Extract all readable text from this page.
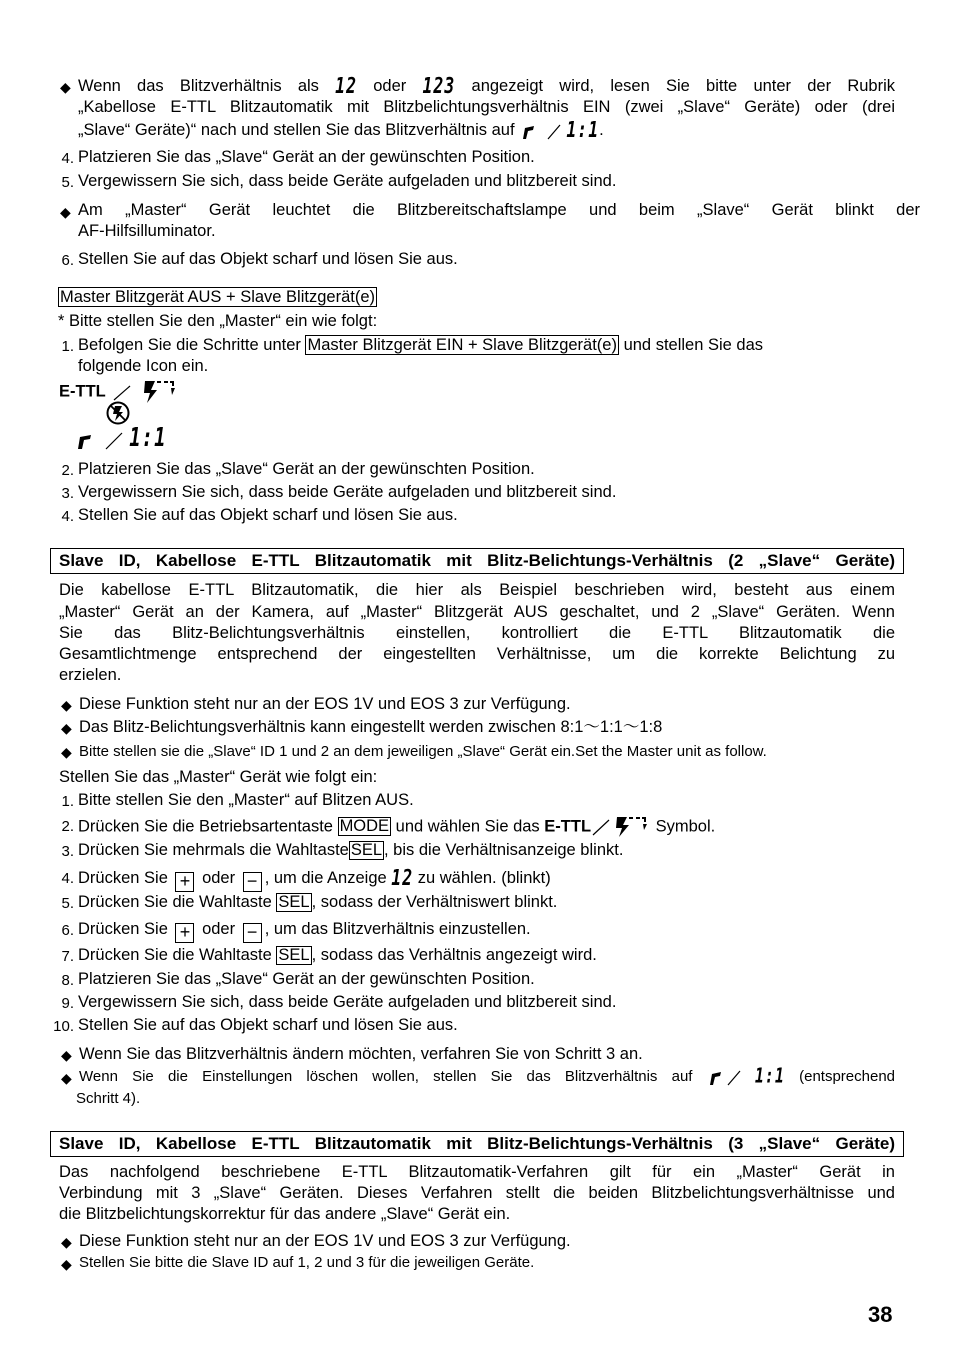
◆ Wenn das Blitzverhältnis als 12 oder 123 angezeigt wird, lesen Sie bitte unter der Rubrik
„Kabellose E-TTL Blitzautomatik mit Blitzbelichtungsverhältnis EIN (zwei „Slave“ Geräte) oder (drei
„Slave“ Geräte)“ nach und stellen Sie das Blitzverhältnis auf	1:1.
4. Platzieren Sie das „Slave“ Gerät an der gewünschten Position.
5. Vergewissern Sie sich, dass beide Geräte aufgeladen und blitzbereit sind.
◆ Am „Master“ Gerät leuchtet die Blitzbereitschaftslampe und beim „Slave“ Gerät blinkt der
AF-Hilfsilluminator.
6. Stellen Sie auf das Objekt scharf und lösen Sie aus.
Master Blitzgerät AUS + Slave Blitzgerät(e)
* Bitte stellen Sie den „Master“ ein wie folgt:
1. Befolgen Sie die Schritte unter Master Blitzgerät EIN + Slave Blitzgerät(e) und stellen Sie das
folgende Icon ein.
E-TTL
1:1
2. Platzieren Sie das „Slave“ Gerät an der gewünschten Position.
3. Vergewissern Sie sich, dass beide Geräte aufgeladen und blitzbereit sind.
4. Stellen Sie auf das Objekt scharf und lösen Sie aus.
Slave ID, Kabellose E-TTL Blitzautomatik mit Blitz-Belichtungs-Verhältnis (2 „Slave“ Geräte)
Die kabellose E-TTL Blitzautomatik, die hier als Beispiel beschrieben wird, besteht aus einem
„Master“ Gerät an der Kamera, auf „Master“ Blitzgerät AUS geschaltet, und 2 „Slave“ Geräten. Wenn
Sie das Blitz-Belichtungsverhältnis einstellen, kontrolliert die E-TTL Blitzautomatik die
Gesamtlichtmenge entsprechend der eingestellten Verhältnisse, um die korrekte Belichtung zu
erzielen.
◆ Diese Funktion steht nur an der EOS 1V und EOS 3 zur Verfügung.
◆ Das Blitz-Belichtungsverhältnis kann eingestellt werden zwischen 8:1～1:1～1:8
◆ Bitte stellen sie die „Slave“ ID 1 und 2 an dem jeweiligen „Slave“ Gerät ein.Set the Master unit as follow.
Stellen Sie das „Master“ Gerät wie folgt ein:
1. Bitte stellen Sie den „Master“ auf Blitzen AUS.
2. Drücken Sie die Betriebsartentaste MODE und wählen Sie das E-TTL	Symbol.
3. Drücken Sie mehrmals die Wahltaste SEL , bis die Verhältnisanzeige blinkt.
4. Drücken Sie + oder − , um die Anzeige 12 zu wählen. (blinkt)
5. Drücken Sie die Wahltaste SEL , sodass der Verhältniswert blinkt.
6. Drücken Sie + oder − , um das Blitzverhältnis einzustellen.
7. Drücken Sie die Wahltaste SEL , sodass das Verhältnis angezeigt wird.
8. Platzieren Sie das „Slave“ Gerät an der gewünschten Position.
9. Vergewissern Sie sich, dass beide Geräte aufgeladen und blitzbereit sind.
10. Stellen Sie auf das Objekt scharf und lösen Sie aus.
◆ Wenn Sie das Blitzverhältnis ändern möchten, verfahren Sie von Schritt 3 an.
◆ Wenn Sie die Einstellungen löschen wollen, stellen Sie das Blitzverhältnis auf	1:1 (entsprechend
Schritt 4).
Slave ID, Kabellose E-TTL Blitzautomatik mit Blitz-Belichtungs-Verhältnis (3 „Slave“ Geräte)
Das nachfolgend beschriebene E-TTL Blitzautomatik-Verfahren gilt für ein „Master“ Gerät in
Verbindung mit 3 „Slave“ Geräten. Dieses Verfahren stellt die beiden Blitzbelichtungsverhältnisse und
die Blitzbelichtungskorrektur für das andere „Slave“ Gerät ein.
◆ Diese Funktion steht nur an der EOS 1V und EOS 3 zur Verfügung.
◆ Stellen Sie bitte die Slave ID auf 1, 2 und 3 für die jeweiligen Geräte.
38
